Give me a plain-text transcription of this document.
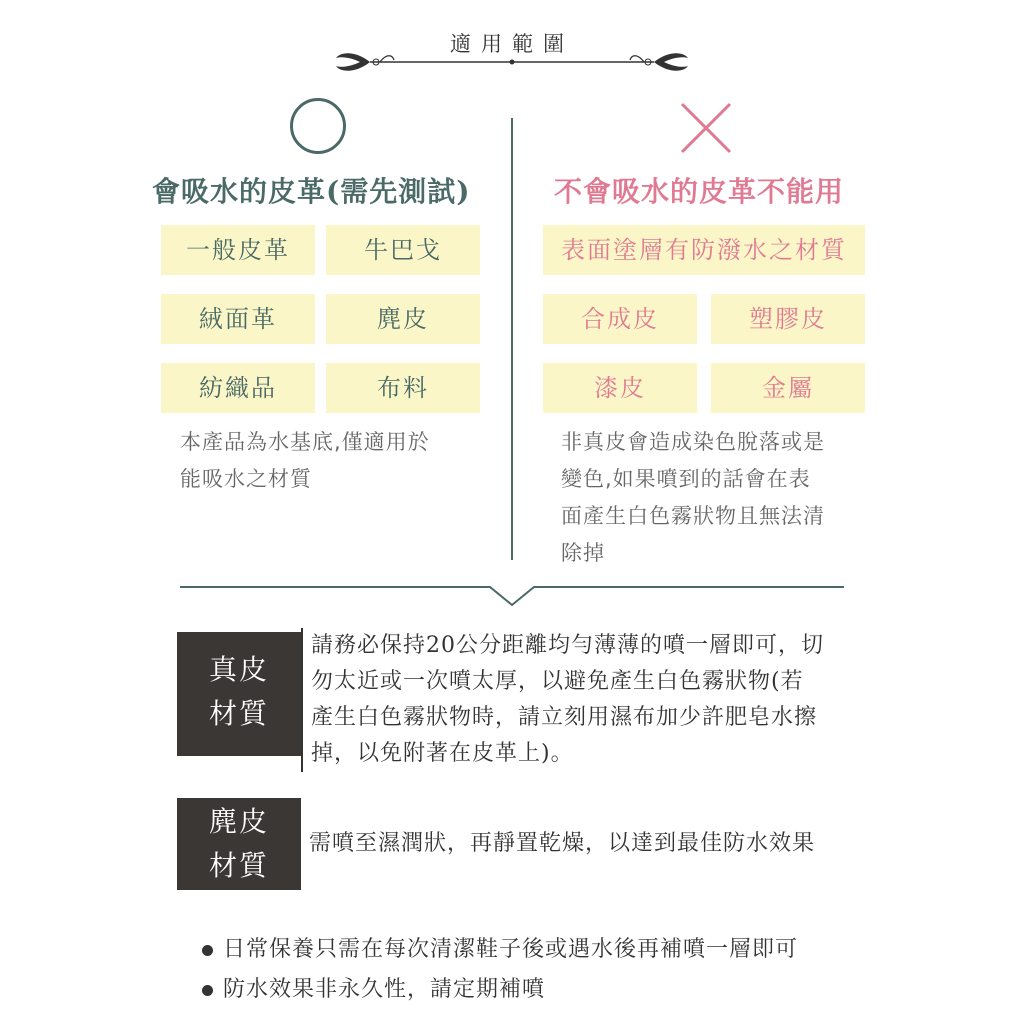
適用範圍
會吸水的皮革(需先測試)	不會吸水的皮革不能用
一般皮革	牛巴戈
絨面革	麂皮
紡織品	布料
表面塗層有防潑水之材質
合成皮	塑膠皮
漆皮	金屬
本產品為水基底,僅適用於
能吸水之材質
非真皮會造成染色脫落或是
變色,如果噴到的話會在表
面產生白色霧狀物且無法清
除掉
真皮
材質
請務必保持20公分距離均勻薄薄的噴一層即可，切
勿太近或一次噴太厚，以避免產生白色霧狀物(若
產生白色霧狀物時，請立刻用濕布加少許肥皂水擦
掉，以免附著在皮革上)。
麂皮
材質
需噴至濕潤狀，再靜置乾燥，以達到最佳防水效果
日常保養只需在每次清潔鞋子後或遇水後再補噴一層即可
防水效果非永久性，請定期補噴
